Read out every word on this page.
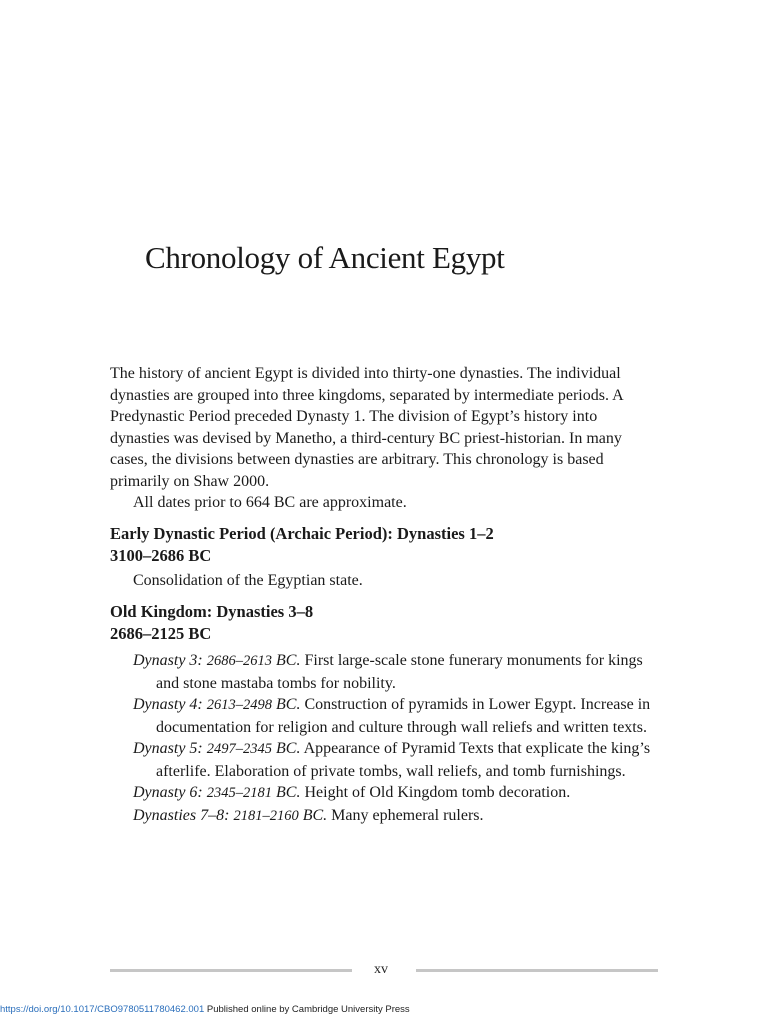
Chronology of Ancient Egypt

The history of ancient Egypt is divided into thirty-one dynasties. The individual dynasties are grouped into three kingdoms, separated by intermediate periods. A Predynastic Period preceded Dynasty 1. The division of Egypt’s history into dynasties was devised by Manetho, a third-century BC priest-historian. In many cases, the divisions between dynasties are arbitrary. This chronology is based primarily on Shaw 2000.

All dates prior to 664 BC are approximate.

Early Dynastic Period (Archaic Period): Dynasties 1–2
3100–2686 BC

Consolidation of the Egyptian state.

Old Kingdom: Dynasties 3–8
2686–2125 BC
Dynasty 3: 2686–2613 BC. First large-scale stone funerary monuments for kings and stone mastaba tombs for nobility.
Dynasty 4: 2613–2498 BC. Construction of pyramids in Lower Egypt. Increase in documentation for religion and culture through wall reliefs and written texts.
Dynasty 5: 2497–2345 BC. Appearance of Pyramid Texts that explicate the king’s afterlife. Elaboration of private tombs, wall reliefs, and tomb furnishings.
Dynasty 6: 2345–2181 BC. Height of Old Kingdom tomb decoration.
Dynasties 7–8: 2181–2160 BC. Many ephemeral rulers.
xv
https://doi.org/10.1017/CBO9780511780462.001 Published online by Cambridge University Press
